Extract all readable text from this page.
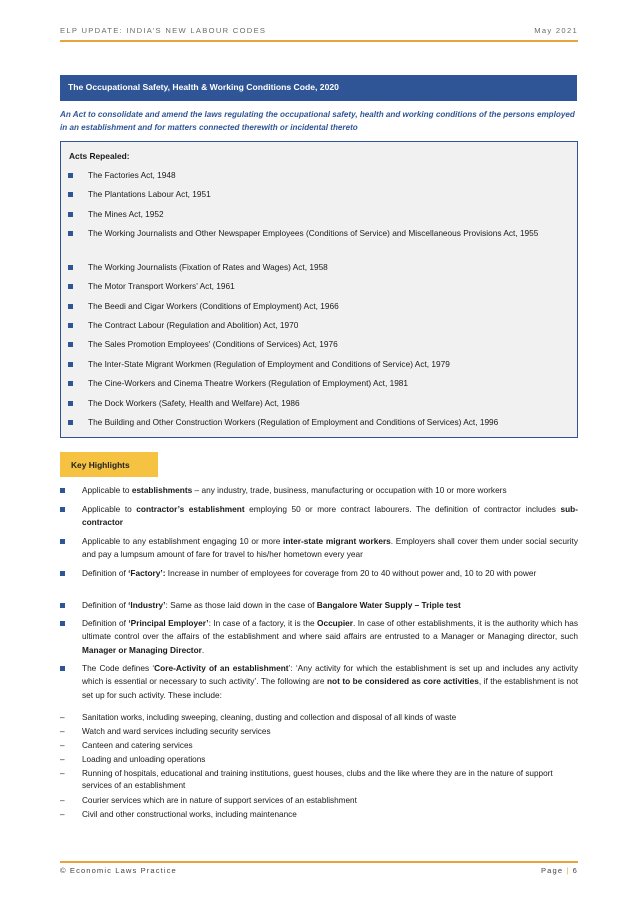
ELP UPDATE: INDIA’S NEW LABOUR CODES	May 2021
The Occupational Safety, Health & Working Conditions Code, 2020
An Act to consolidate and amend the laws regulating the occupational safety, health and working conditions of the persons employed in an establishment and for matters connected therewith or incidental thereto
Acts Repealed:
The Factories Act, 1948
The Plantations Labour Act, 1951
The Mines Act, 1952
The Working Journalists and Other Newspaper Employees (Conditions of Service) and Miscellaneous Provisions Act, 1955
The Working Journalists (Fixation of Rates and Wages) Act, 1958
The Motor Transport Workers' Act, 1961
The Beedi and Cigar Workers (Conditions of Employment) Act, 1966
The Contract Labour (Regulation and Abolition) Act, 1970
The Sales Promotion Employees' (Conditions of Services) Act, 1976
The Inter-State Migrant Workmen (Regulation of Employment and Conditions of Service) Act, 1979
The Cine-Workers and Cinema Theatre Workers (Regulation of Employment) Act, 1981
The Dock Workers (Safety, Health and Welfare) Act, 1986
The Building and Other Construction Workers (Regulation of Employment and Conditions of Services) Act, 1996
Key Highlights
Applicable to establishments – any industry, trade, business, manufacturing or occupation with 10 or more workers
Applicable to contractor’s establishment employing 50 or more contract labourers. The definition of contractor includes sub-contractor
Applicable to any establishment engaging 10 or more inter-state migrant workers. Employers shall cover them under social security and pay a lumpsum amount of fare for travel to his/her hometown every year
Definition of ‘Factory’: Increase in number of employees for coverage from 20 to 40 without power and, 10 to 20 with power
Definition of ‘Industry’: Same as those laid down in the case of Bangalore Water Supply – Triple test
Definition of ‘Principal Employer’: In case of a factory, it is the Occupier. In case of other establishments, it is the authority which has ultimate control over the affairs of the establishment and where said affairs are entrusted to a Manager or Managing director, such Manager or Managing Director.
The Code defines ‘Core-Activity of an establishment’: ‘Any activity for which the establishment is set up and includes any activity which is essential or necessary to such activity’. The following are not to be considered as core activities, if the establishment is not set up for such activity. These include:
– Sanitation works, including sweeping, cleaning, dusting and collection and disposal of all kinds of waste
– Watch and ward services including security services
– Canteen and catering services
– Loading and unloading operations
– Running of hospitals, educational and training institutions, guest houses, clubs and the like where they are in the nature of support services of an establishment
– Courier services which are in nature of support services of an establishment
– Civil and other constructional works, including maintenance
© Economic Laws Practice	Page | 6
